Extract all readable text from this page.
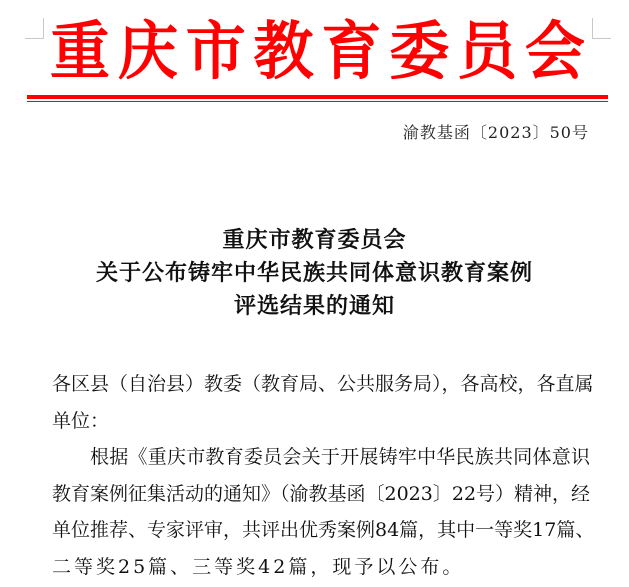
重 庆 市 教 育 委 员 会
渝教基函〔2023〕50号
重庆市教育委员会
关于公布铸牢中华民族共同体意识教育案例
评选结果的通知
各区县（自治县）教委（教育局、公共服务局），各高校，各直属
单位：
根据《重庆市教育委员会关于开展铸牢中华民族共同体意识
教育案例征集活动的通知》（渝教基函〔2023〕22号）精神，经
单位推荐、专家评审，共评出优秀案例84篇，其中一等奖17篇、
二等奖25篇、三等奖42篇，现予以公布。
